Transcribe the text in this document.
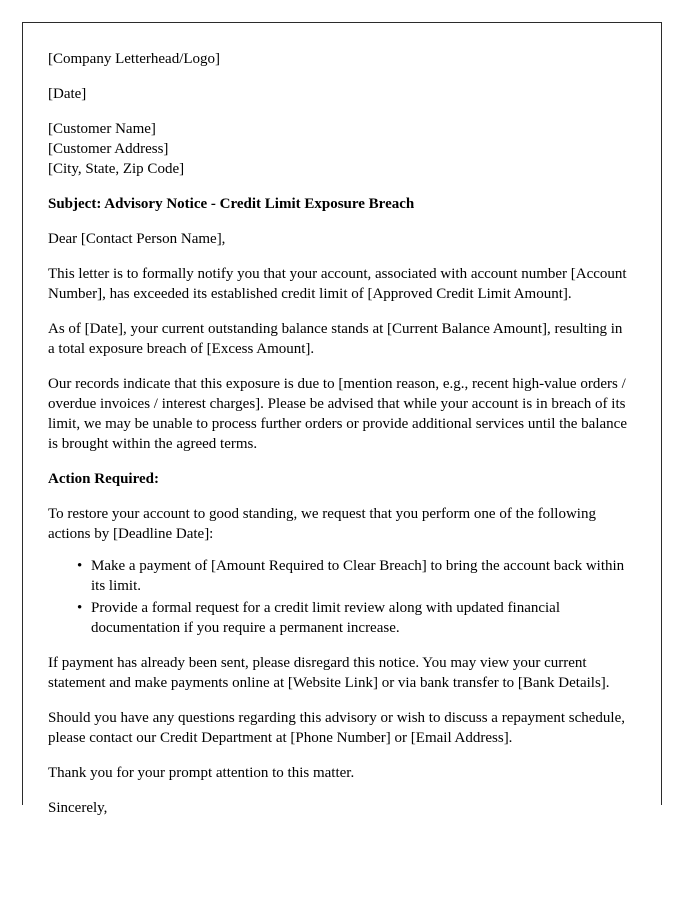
[Company Letterhead/Logo]

[Date]

[Customer Name]

[Customer Address]

[City, State, Zip Code]

Subject: Advisory Notice - Credit Limit Exposure Breach

Dear [Contact Person Name],

This letter is to formally notify you that your account, associated with account number [Account Number], has exceeded its established credit limit of [Approved Credit Limit Amount].

As of [Date], your current outstanding balance stands at [Current Balance Amount], resulting in a total exposure breach of [Excess Amount].

Our records indicate that this exposure is due to [mention reason, e.g., recent high-value orders / overdue invoices / interest charges]. Please be advised that while your account is in breach of its limit, we may be unable to process further orders or provide additional services until the balance is brought within the agreed terms.

Action Required:

To restore your account to good standing, we request that you perform one of the following actions by [Deadline Date]:

• Make a payment of [Amount Required to Clear Breach] to bring the account back within its limit.
• Provide a formal request for a credit limit review along with updated financial documentation if you require a permanent increase.

If payment has already been sent, please disregard this notice. You may view your current statement and make payments online at [Website Link] or via bank transfer to [Bank Details].

Should you have any questions regarding this advisory or wish to discuss a repayment schedule, please contact our Credit Department at [Phone Number] or [Email Address].

Thank you for your prompt attention to this matter.

Sincerely,
